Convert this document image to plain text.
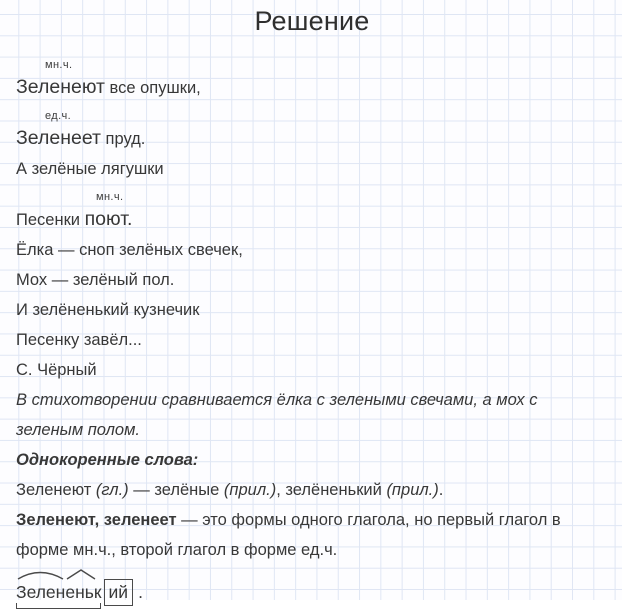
Решение
мн.ч.
Зеленеют все опушки,
ед.ч.
Зеленеет пруд.
А зелёные лягушки
мн.ч.
Песенки поют.
Ёлка — сноп зелёных свечек,
Мох — зелёный пол.
И зелёненький кузнечик
Песенку завёл...
С. Чёрный

В стихотворении сравнивается ёлка с зелеными свечами, а мох с зеленым полом.

Однокоренные слова:

Зеленеют (гл.) — зелёные (прил.), зелёненький (прил.).

Зеленеют, зеленеет — это формы одного глагола, но первый глагол в форме мн.ч., второй глагол в форме ед.ч.

Зелененьк ий .
